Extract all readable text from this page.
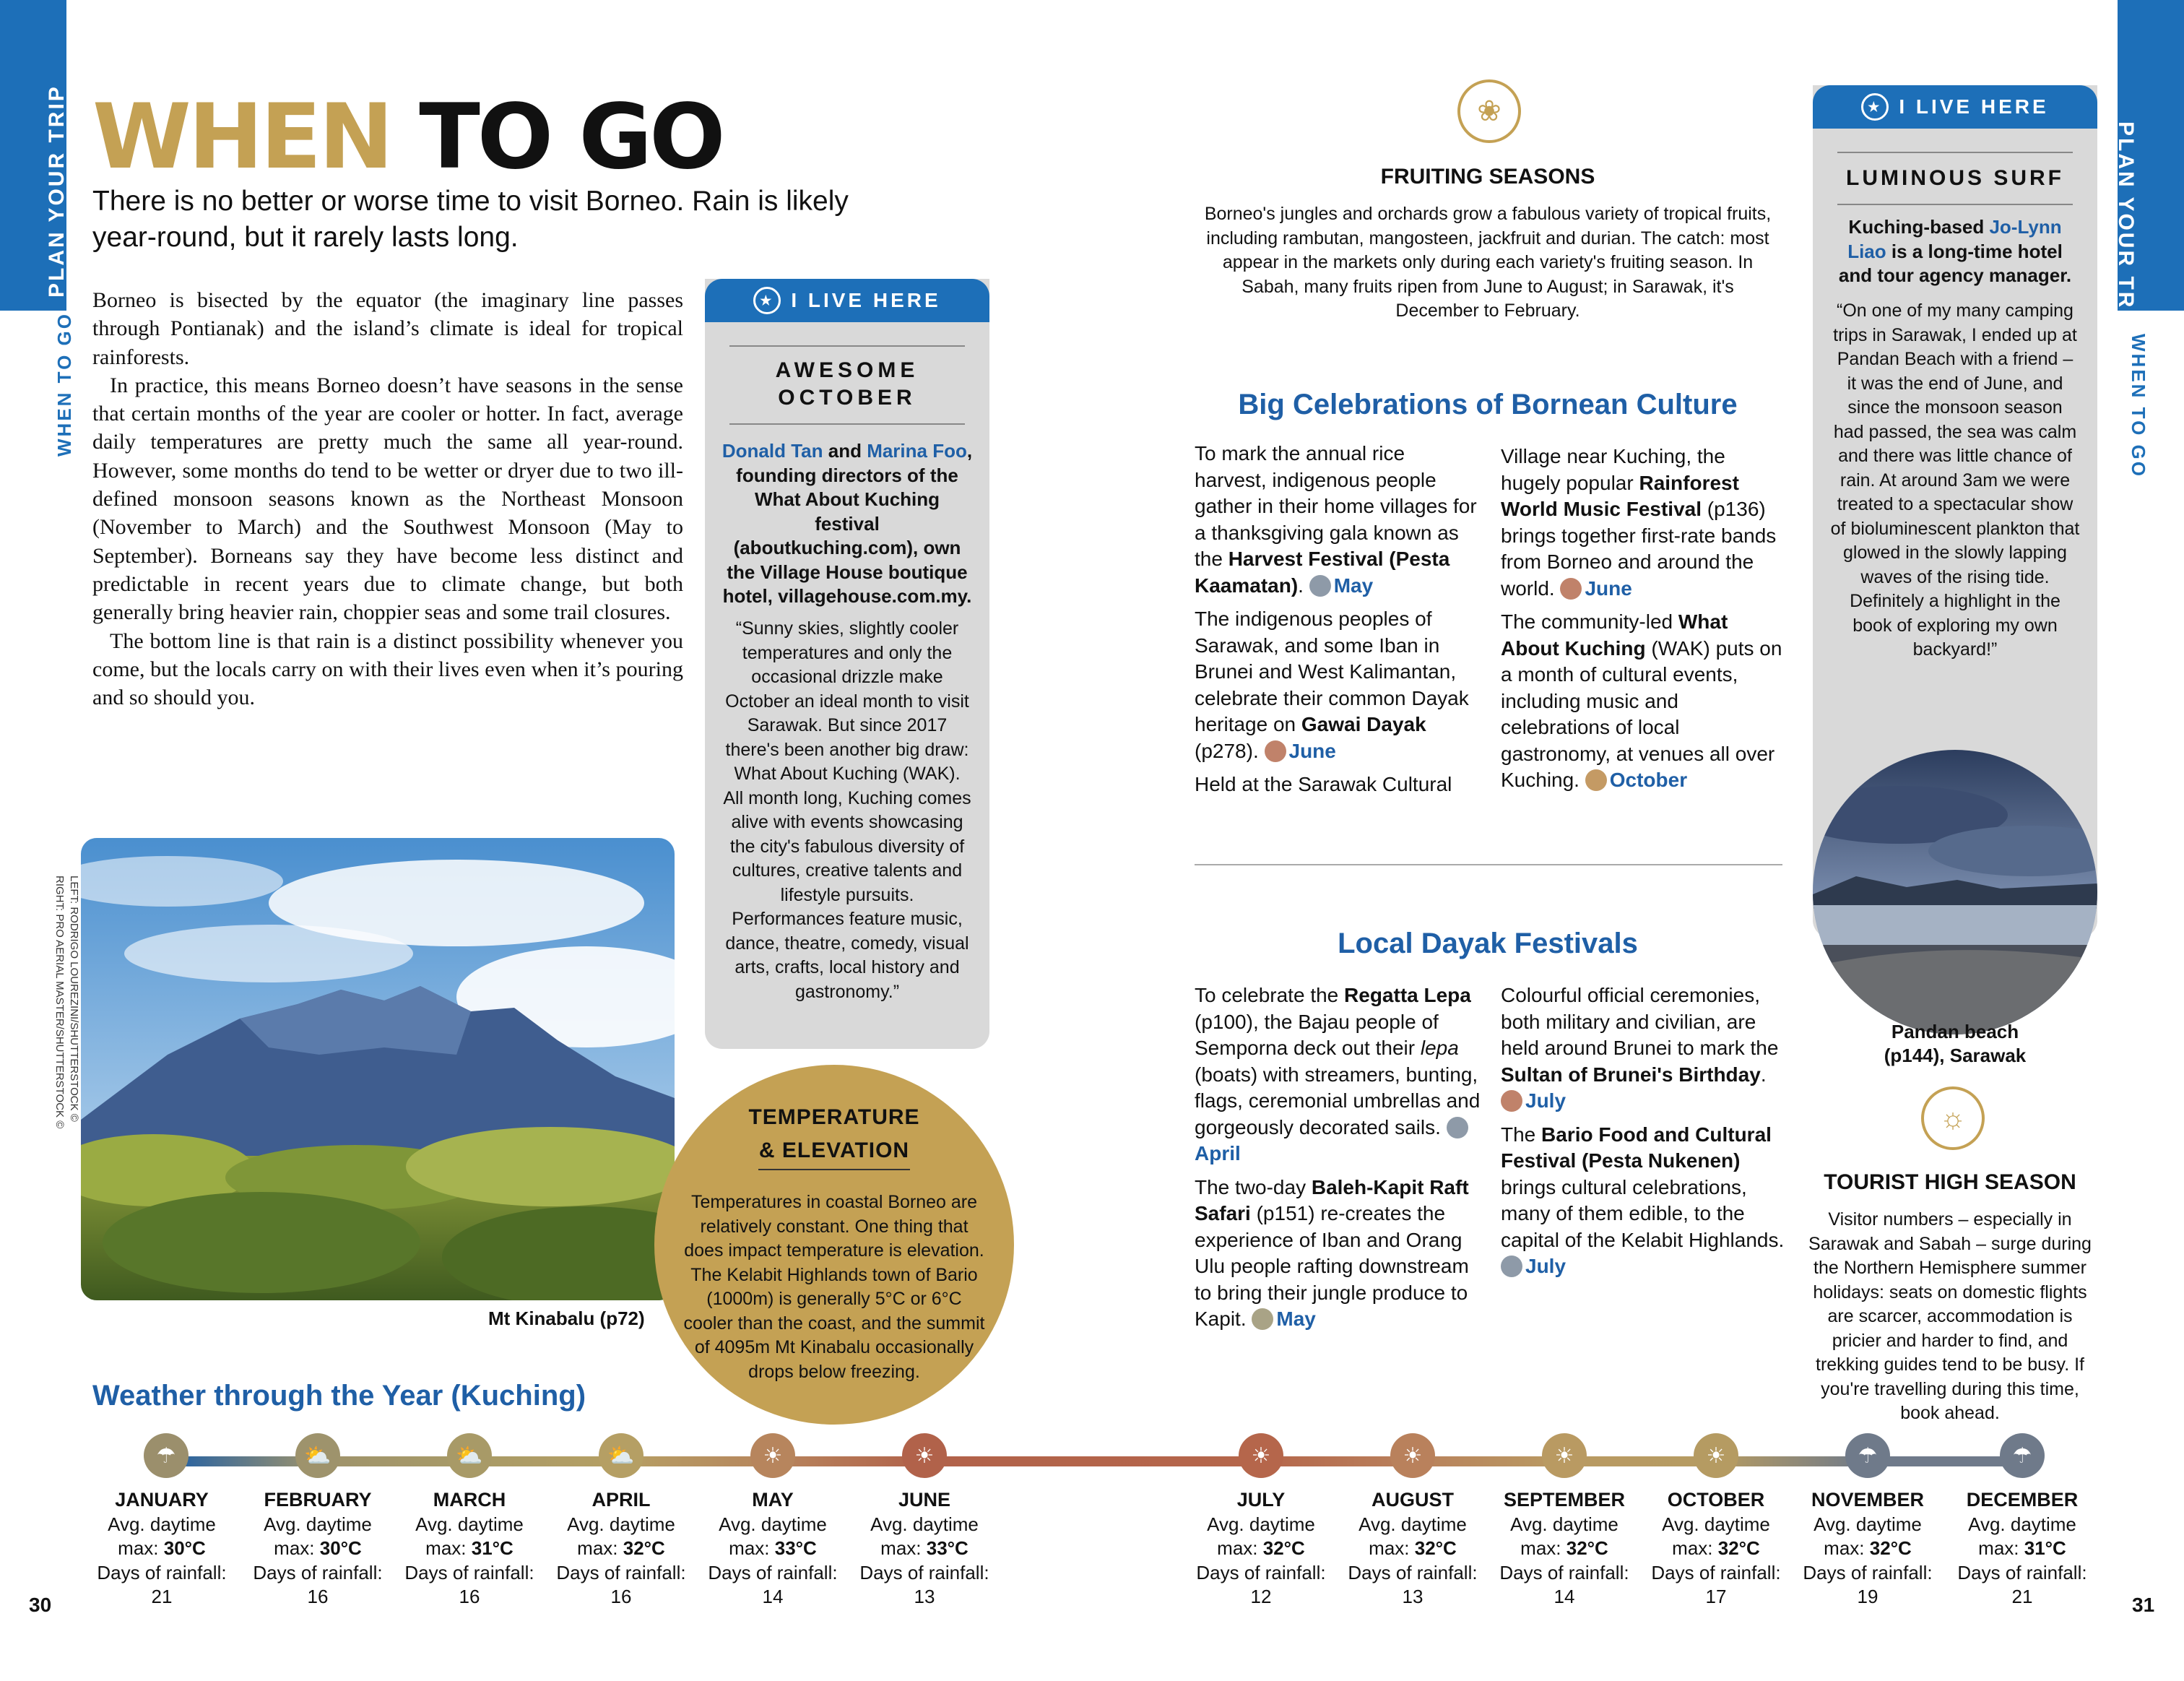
PLAN YOUR TRIP
WHEN TO GO
PLAN YOUR TRIP
WHEN TO GO
WHEN TO GO
There is no better or worse time to visit Borneo. Rain is likely
year-round, but it rarely lasts long.

Borneo is bisected by the equator (the imaginary line passes through Pontianak) and the island’s climate is ideal for tropical rainforests.

In practice, this means Borneo doesn’t have seasons in the sense that certain months of the year are cooler or hotter. In fact, average daily temperatures are pretty much the same all year-round. However, some months do tend to be wetter or dryer due to two ill-defined monsoon seasons known as the Northeast Monsoon (November to March) and the Southwest Monsoon (May to September). Borneans say they have become less distinct and predictable in recent years due to climate change, but both generally bring heavier rain, choppier seas and some trail closures.

The bottom line is that rain is a distinct possibility whenever you come, but the locals carry on with their lives even when it’s pouring and so should you.

LEFT: RODRIGO LOUREZINI/SHUTTERSTOCK ©
RIGHT: PRO AERIAL MASTER/SHUTTERSTOCK ©
Mt Kinabalu (p72)
★ I LIVE HERE
AWESOME
OCTOBER
Donald Tan and Marina Foo, founding directors of the What About Kuching festival (aboutkuching.com), own the Village House boutique hotel, villagehouse.com.my.
“Sunny skies, slightly cooler temperatures and only the occasional drizzle make October an ideal month to visit Sarawak. But since 2017 there's been another big draw: What About Kuching (WAK). All month long, Kuching comes alive with events showcasing the city's fabulous diversity of cultures, creative talents and lifestyle pursuits. Performances feature music, dance, theatre, comedy, visual arts, crafts, local history and gastronomy.”
TEMPERATURE
& ELEVATION
Temperatures in coastal Borneo are relatively constant. One thing that does impact temperature is elevation. The Kelabit Highlands town of Bario (1000m) is generally 5°C or 6°C cooler than the coast, and the summit of 4095m Mt Kinabalu occasionally drops below freezing.
❀
FRUITING SEASONS
Borneo's jungles and orchards grow a fabulous variety of tropical fruits, including rambutan, mangosteen, jackfruit and durian. The catch: most appear in the markets only during each variety's fruiting season. In Sabah, many fruits ripen from June to August; in Sarawak, it's December to February.
Big Celebrations of Bornean Culture
To mark the annual rice harvest, indigenous people gather in their home villages for a thanksgiving gala known as the Harvest Festival (Pesta Kaamatan). May
The indigenous peoples of Sarawak, and some Iban in Brunei and West Kalimantan, celebrate their common Dayak heritage on Gawai Dayak (p278). June
Held at the Sarawak Cultural
Village near Kuching, the hugely popular Rainforest World Music Festival (p136) brings together first-rate bands from Borneo and around the world. June
The community-led What About Kuching (WAK) puts on a month of cultural events, including music and celebrations of local gastronomy, at venues all over Kuching. October
Local Dayak Festivals
To celebrate the Regatta Lepa (p100), the Bajau people of Semporna deck out their lepa (boats) with streamers, bunting, flags, ceremonial umbrellas and gorgeously decorated sails. April
The two-day Baleh-Kapit Raft Safari (p151) re-creates the experience of Iban and Orang Ulu people rafting downstream to bring their jungle produce to Kapit. May
Colourful official ceremonies, both military and civilian, are held around Brunei to mark the Sultan of Brunei's Birthday. July
The Bario Food and Cultural Festival (Pesta Nukenen) brings cultural celebrations, many of them edible, to the capital of the Kelabit Highlands. July
★ I LIVE HERE
LUMINOUS SURF
Kuching-based Jo-Lynn Liao is a long-time hotel and tour agency manager.
“On one of my many camping trips in Sarawak, I ended up at Pandan Beach with a friend – it was the end of June, and since the monsoon season had passed, the sea was calm and there was little chance of rain. At around 3am we were treated to a spectacular show of bioluminescent plankton that glowed in the slowly lapping waves of the rising tide. Definitely a highlight in the book of exploring my own backyard!”
Pandan beach
(p144), Sarawak
☼
TOURIST HIGH SEASON
Visitor numbers – especially in Sarawak and Sabah – surge during the Northern Hemisphere summer holidays: seats on domestic flights are scarcer, accommodation is pricier and harder to find, and trekking guides tend to be busy. If you're travelling during this time, book ahead.
Weather through the Year (Kuching)
☂
JANUARY
Avg. daytime
max: 30°C
Days of rainfall:
21
⛅
FEBRUARY
Avg. daytime
max: 30°C
Days of rainfall:
16
⛅
MARCH
Avg. daytime
max: 31°C
Days of rainfall:
16
⛅
APRIL
Avg. daytime
max: 32°C
Days of rainfall:
16
☀
MAY
Avg. daytime
max: 33°C
Days of rainfall:
14
☀
JUNE
Avg. daytime
max: 33°C
Days of rainfall:
13
☀
JULY
Avg. daytime
max: 32°C
Days of rainfall:
12
☀
AUGUST
Avg. daytime
max: 32°C
Days of rainfall:
13
☀
SEPTEMBER
Avg. daytime
max: 32°C
Days of rainfall:
14
☀
OCTOBER
Avg. daytime
max: 32°C
Days of rainfall:
17
☂
NOVEMBER
Avg. daytime
max: 32°C
Days of rainfall:
19
☂
DECEMBER
Avg. daytime
max: 31°C
Days of rainfall:
21
30	31
